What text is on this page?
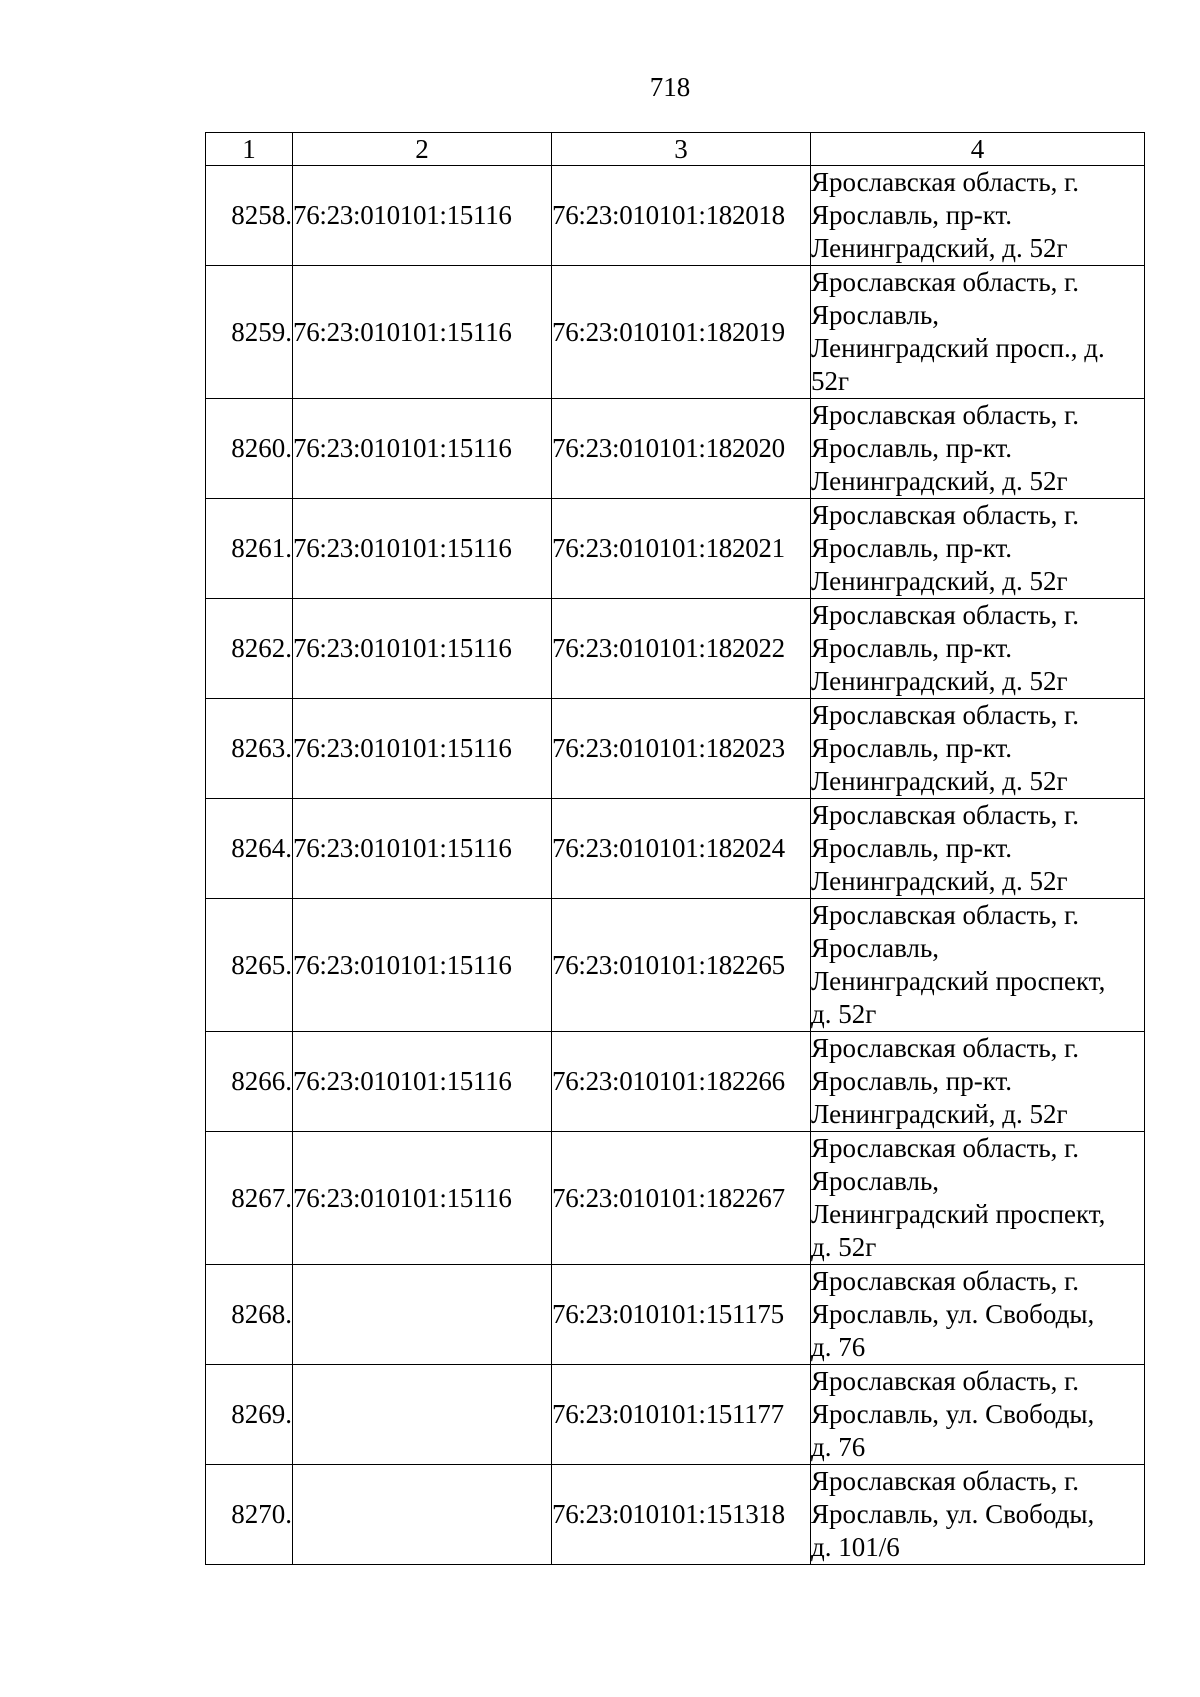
718
1	2	3	4
8258.	76:23:010101:15116	76:23:010101:182018	Ярославская область, г.
Ярославль, пр-кт.
Ленинградский, д. 52г
8259.	76:23:010101:15116	76:23:010101:182019	Ярославская область, г.
Ярославль,
Ленинградский просп., д.
52г
8260.	76:23:010101:15116	76:23:010101:182020	Ярославская область, г.
Ярославль, пр-кт.
Ленинградский, д. 52г
8261.	76:23:010101:15116	76:23:010101:182021	Ярославская область, г.
Ярославль, пр-кт.
Ленинградский, д. 52г
8262.	76:23:010101:15116	76:23:010101:182022	Ярославская область, г.
Ярославль, пр-кт.
Ленинградский, д. 52г
8263.	76:23:010101:15116	76:23:010101:182023	Ярославская область, г.
Ярославль, пр-кт.
Ленинградский, д. 52г
8264.	76:23:010101:15116	76:23:010101:182024	Ярославская область, г.
Ярославль, пр-кт.
Ленинградский, д. 52г
8265.	76:23:010101:15116	76:23:010101:182265	Ярославская область, г.
Ярославль,
Ленинградский проспект,
д. 52г
8266.	76:23:010101:15116	76:23:010101:182266	Ярославская область, г.
Ярославль, пр-кт.
Ленинградский, д. 52г
8267.	76:23:010101:15116	76:23:010101:182267	Ярославская область, г.
Ярославль,
Ленинградский проспект,
д. 52г
8268.		76:23:010101:151175	Ярославская область, г.
Ярославль, ул. Свободы,
д. 76
8269.		76:23:010101:151177	Ярославская область, г.
Ярославль, ул. Свободы,
д. 76
8270.		76:23:010101:151318	Ярославская область, г.
Ярославль, ул. Свободы,
д. 101/6
